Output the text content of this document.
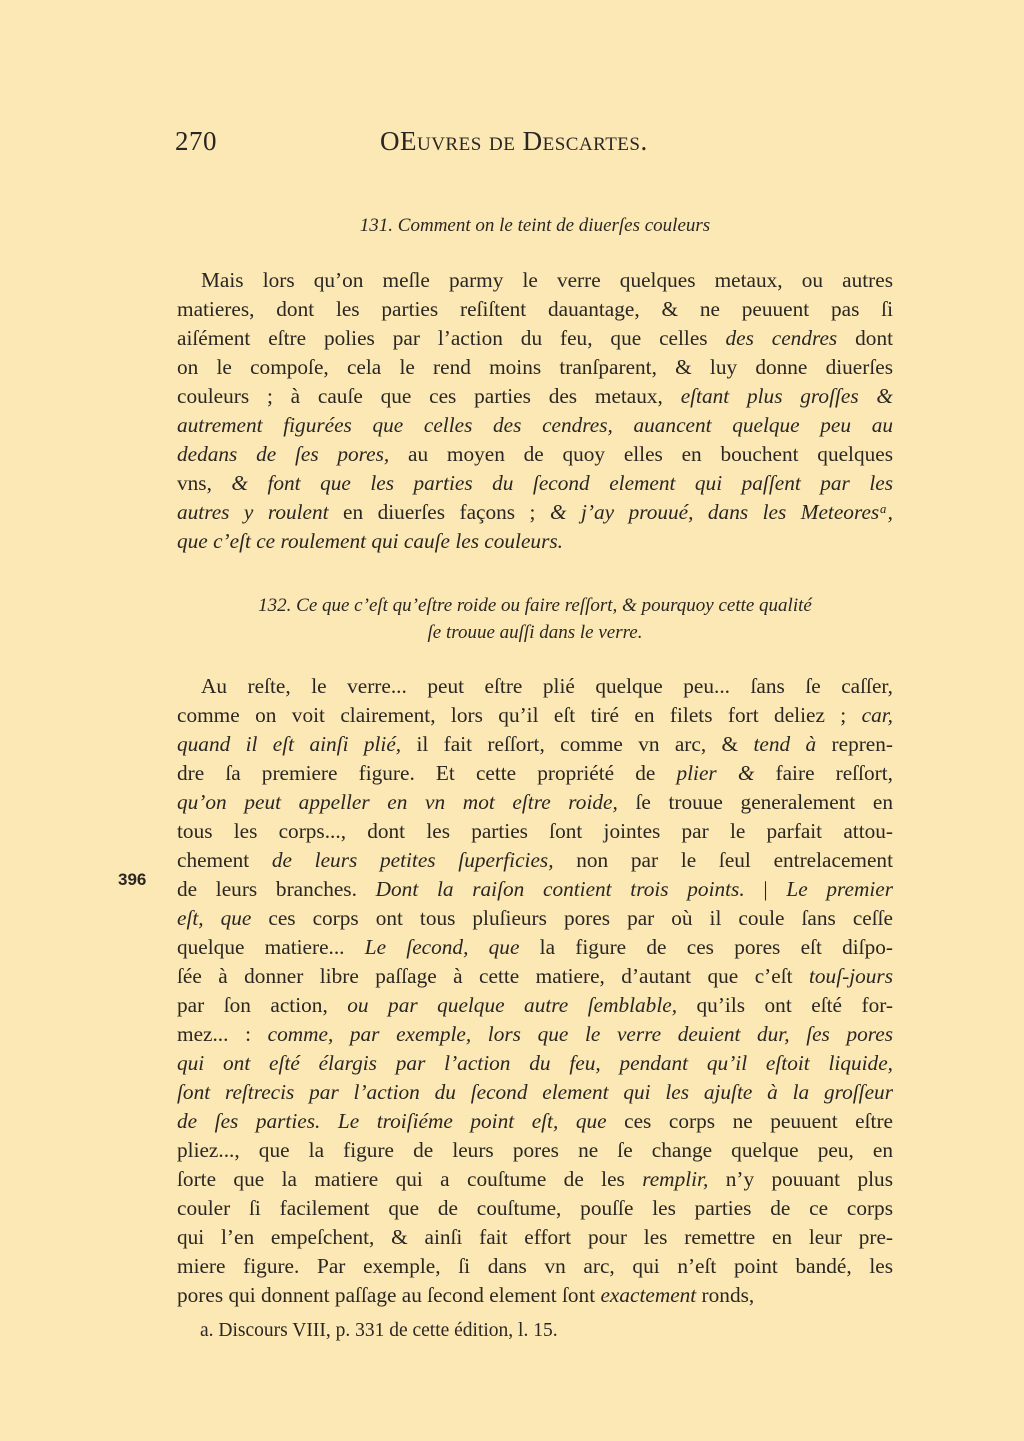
270	OEuvres de Descartes.
131. Comment on le teint de diuerſes couleurs
Mais lors qu’on meſle parmy le verre quelques metaux, ou autres
matieres, dont les parties reſiſtent dauantage, & ne peuuent pas ſi
aiſément eſtre polies par l’action du feu, que celles des cendres dont
on le compoſe, cela le rend moins tranſparent, & luy donne diuerſes
couleurs ; à cauſe que ces parties des metaux, eſtant plus groſſes &
autrement figurées que celles des cendres, auancent quelque peu au
dedans de ſes pores, au moyen de quoy elles en bouchent quelques
vns, & font que les parties du ſecond element qui paſſent par les
autres y roulent en diuerſes façons ; & j’ay prouué, dans les Meteoresᵃ,
que c’eſt ce roulement qui cauſe les couleurs.
132. Ce que c’eſt qu’eſtre roide ou faire reſſort, & pourquoy cette qualité
ſe trouue auſſi dans le verre.
Au reſte, le verre... peut eſtre plié quelque peu... ſans ſe caſſer,
comme on voit clairement, lors qu’il eſt tiré en filets fort deliez ; car,
quand il eſt ainſi plié, il fait reſſort, comme vn arc, & tend à repren-
dre ſa premiere figure. Et cette propriété de plier & faire reſſort,
qu’on peut appeller en vn mot eſtre roide, ſe trouue generalement en
tous les corps..., dont les parties ſont jointes par le parfait attou-
chement de leurs petites ſuperficies, non par le ſeul entrelacement
de leurs branches. Dont la raiſon contient trois points. | Le premier
eſt, que ces corps ont tous pluſieurs pores par où il coule ſans ceſſe
quelque matiere... Le ſecond, que la figure de ces pores eſt diſpo-
ſée à donner libre paſſage à cette matiere, d’autant que c’eſt touſ-jours
par ſon action, ou par quelque autre ſemblable, qu’ils ont eſté for-
mez... : comme, par exemple, lors que le verre deuient dur, ſes pores
qui ont eſté élargis par l’action du feu, pendant qu’il eſtoit liquide,
ſont reſtrecis par l’action du ſecond element qui les ajuſte à la groſſeur
de ſes parties. Le troiſiéme point eſt, que ces corps ne peuuent eſtre
pliez..., que la figure de leurs pores ne ſe change quelque peu, en
ſorte que la matiere qui a couſtume de les remplir, n’y pouuant plus
couler ſi facilement que de couſtume, pouſſe les parties de ce corps
qui l’en empeſchent, & ainſi fait effort pour les remettre en leur pre-
miere figure. Par exemple, ſi dans vn arc, qui n’eſt point bandé, les
pores qui donnent paſſage au ſecond element ſont exactement ronds,
396
a. Discours VIII, p. 331 de cette édition, l. 15.
